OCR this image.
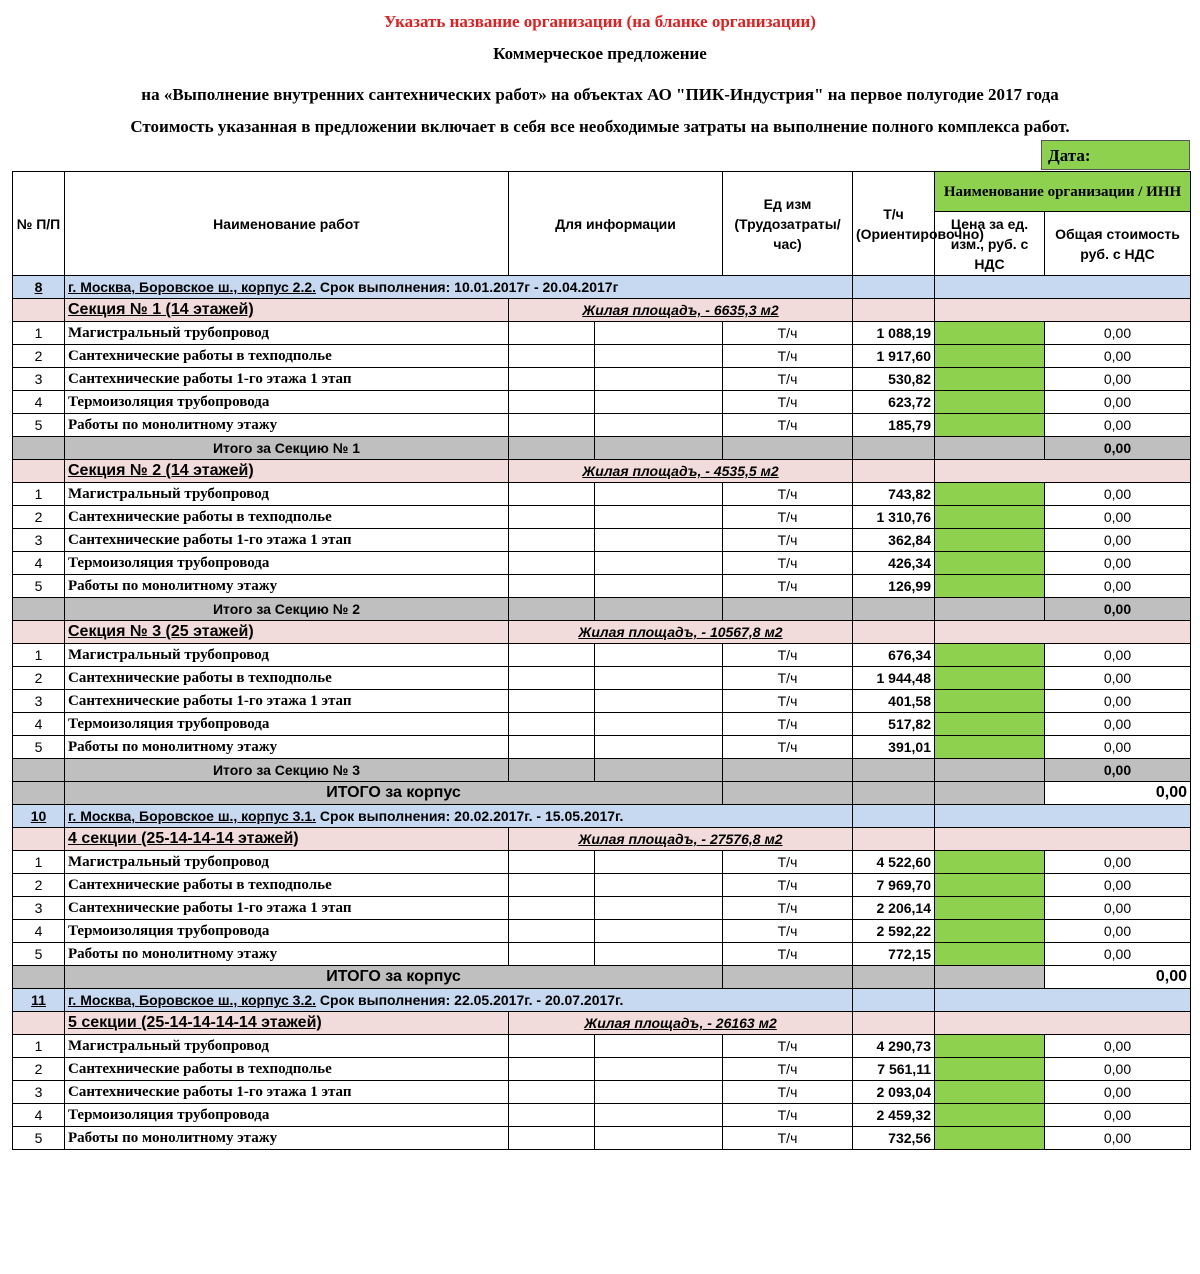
Указать название организации (на бланке организации)
Коммерческое предложение
на «Выполнение внутренних сантехнических работ» на объектах АО "ПИК-Индустрия" на первое полугодие 2017 года
Стоимость указанная в предложении включает в себя все необходимые затраты на выполнение полного комплекса работ.
Дата:
№ П/П	Наименование работ	Для информации		Ед изм (Трудозатраты/час)	Т/ч (Ориентировочно)	Наименование организации / ИНН	
						Цена за ед. изм., руб. с НДС	Общая стоимость руб. с НДС
8	г. Москва, Боровское ш., корпус 2.2. Срок выполнения: 10.01.2017г - 20.04.2017г						
	Секция № 1 (14 этажей)	Жилая площадъ, - 6635,3 м2					
1	Магистральный трубопровод			Т/ч	1 088,19		0,00
2	Сантехнические работы в техподполье			Т/ч	1 917,60		0,00
3	Сантехнические работы 1-го этажа 1 этап			Т/ч	530,82		0,00
4	Термоизоляция трубопровода			Т/ч	623,72		0,00
5	Работы по монолитному этажу			Т/ч	185,79		0,00
	Итого за Секцию № 1						0,00
	Секция № 2 (14 этажей)	Жилая площадъ, - 4535,5 м2					
1	Магистральный трубопровод			Т/ч	743,82		0,00
2	Сантехнические работы в техподполье			Т/ч	1 310,76		0,00
3	Сантехнические работы 1-го этажа 1 этап			Т/ч	362,84		0,00
4	Термоизоляция трубопровода			Т/ч	426,34		0,00
5	Работы по монолитному этажу			Т/ч	126,99		0,00
	Итого за Секцию № 2						0,00
	Секция № 3 (25 этажей)	Жилая площадъ, - 10567,8 м2					
1	Магистральный трубопровод			Т/ч	676,34		0,00
2	Сантехнические работы в техподполье			Т/ч	1 944,48		0,00
3	Сантехнические работы 1-го этажа 1 этап			Т/ч	401,58		0,00
4	Термоизоляция трубопровода			Т/ч	517,82		0,00
5	Работы по монолитному этажу			Т/ч	391,01		0,00
	Итого за Секцию № 3						0,00
	ИТОГО за корпус						0,00
10	г. Москва, Боровское ш., корпус 3.1. Срок выполнения: 20.02.2017г. - 15.05.2017г.						
	4 секции (25-14-14-14 этажей)	Жилая площадъ, - 27576,8 м2					
1	Магистральный трубопровод			Т/ч	4 522,60		0,00
2	Сантехнические работы в техподполье			Т/ч	7 969,70		0,00
3	Сантехнические работы 1-го этажа 1 этап			Т/ч	2 206,14		0,00
4	Термоизоляция трубопровода			Т/ч	2 592,22		0,00
5	Работы по монолитному этажу			Т/ч	772,15		0,00
	ИТОГО за корпус						0,00
11	г. Москва, Боровское ш., корпус 3.2. Срок выполнения: 22.05.2017г. - 20.07.2017г.						
	5 секции (25-14-14-14-14 этажей)	Жилая площадъ, - 26163 м2					
1	Магистральный трубопровод			Т/ч	4 290,73		0,00
2	Сантехнические работы в техподполье			Т/ч	7 561,11		0,00
3	Сантехнические работы 1-го этажа 1 этап			Т/ч	2 093,04		0,00
4	Термоизоляция трубопровода			Т/ч	2 459,32		0,00
5	Работы по монолитному этажу			Т/ч	732,56		0,00
